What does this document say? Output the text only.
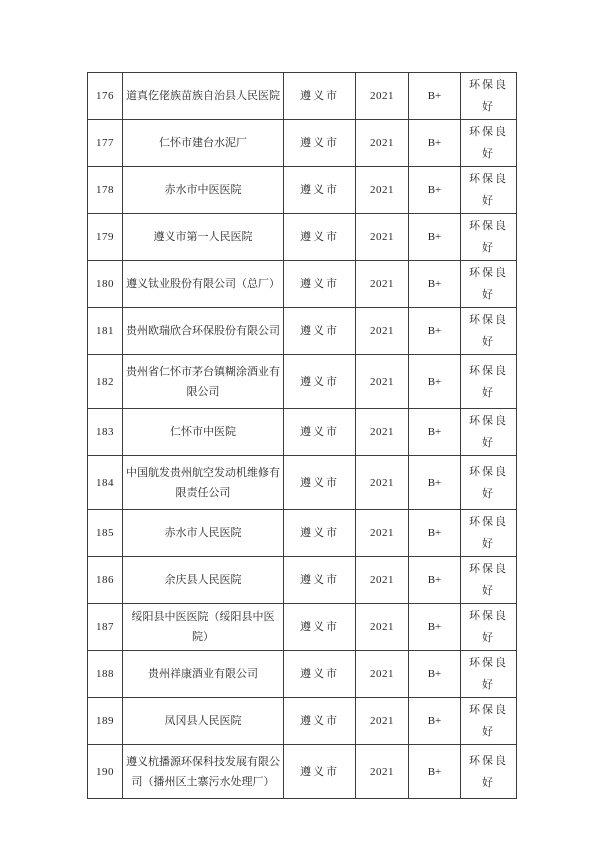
176	道真仡佬族苗族自治县人民医院	遵义市	2021	B+	环保良好
177	仁怀市建台水泥厂	遵义市	2021	B+	环保良好
178	赤水市中医医院	遵义市	2021	B+	环保良好
179	遵义市第一人民医院	遵义市	2021	B+	环保良好
180	遵义钛业股份有限公司（总厂）	遵义市	2021	B+	环保良好
181	贵州欧瑞欣合环保股份有限公司	遵义市	2021	B+	环保良好
182	贵州省仁怀市茅台镇糊涂酒业有限公司	遵义市	2021	B+	环保良好
183	仁怀市中医院	遵义市	2021	B+	环保良好
184	中国航发贵州航空发动机维修有限责任公司	遵义市	2021	B+	环保良好
185	赤水市人民医院	遵义市	2021	B+	环保良好
186	余庆县人民医院	遵义市	2021	B+	环保良好
187	绥阳县中医医院（绥阳县中医院）	遵义市	2021	B+	环保良好
188	贵州祥康酒业有限公司	遵义市	2021	B+	环保良好
189	凤冈县人民医院	遵义市	2021	B+	环保良好
190	遵义杭播源环保科技发展有限公司（播州区土寨污水处理厂）	遵义市	2021	B+	环保良好
